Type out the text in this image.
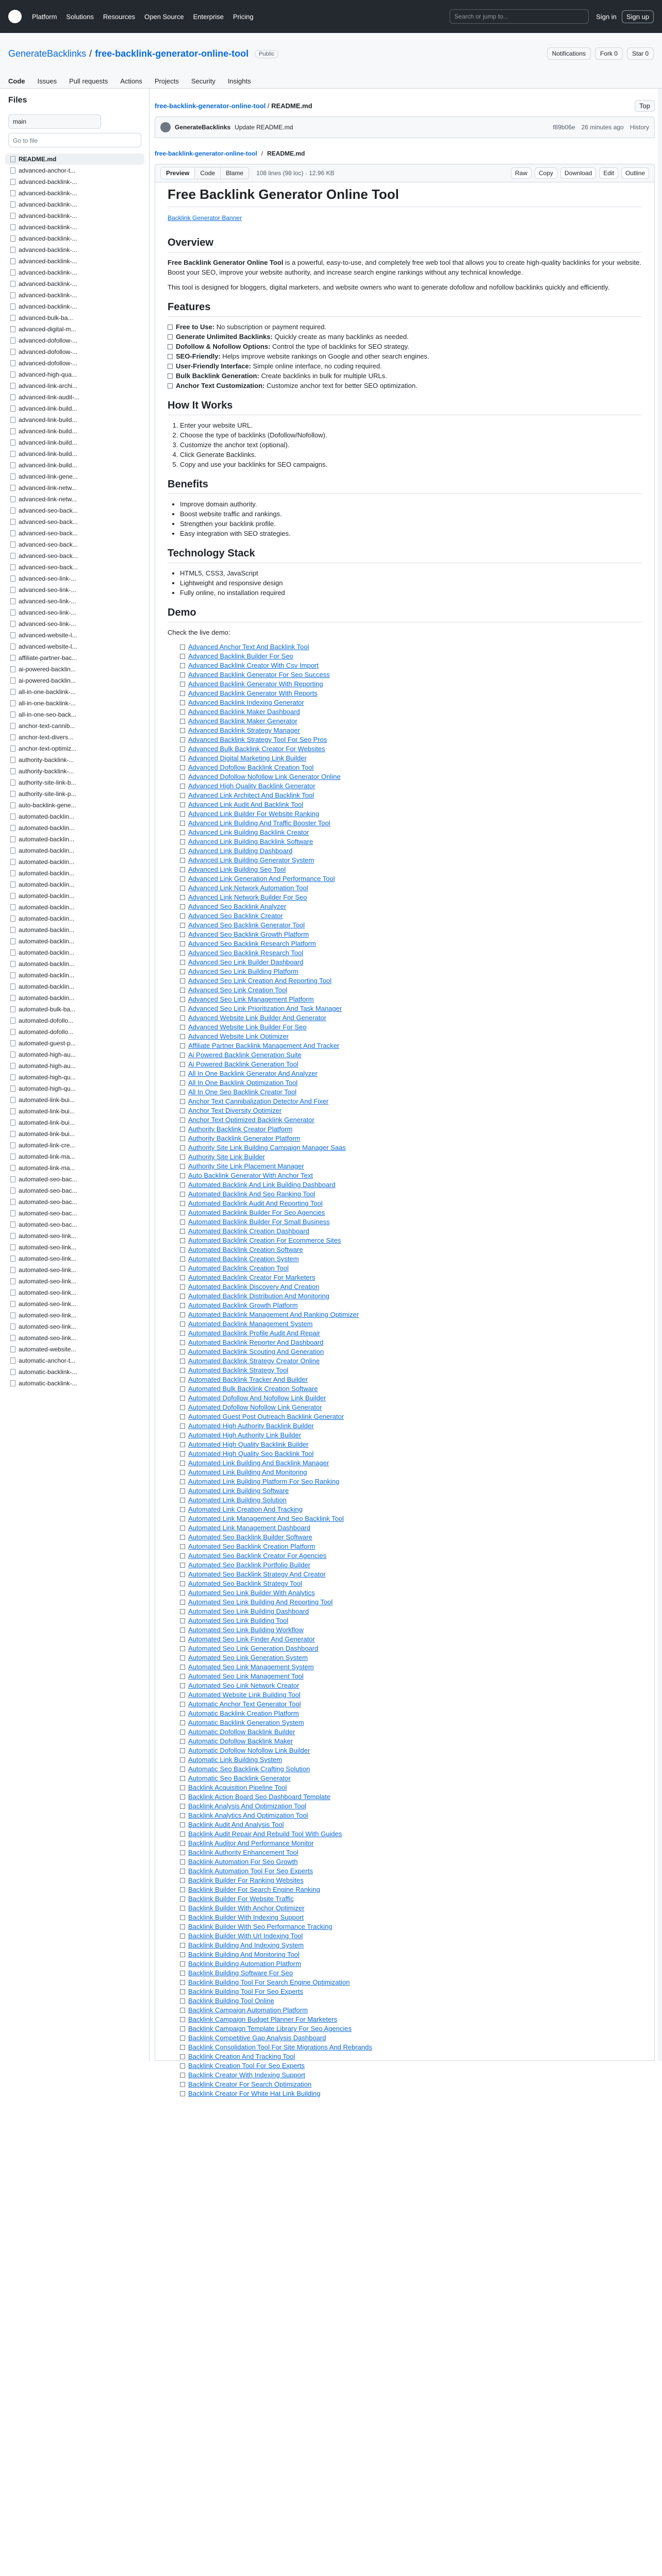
Platform Solutions Resources Open Source Enterprise Pricing	Search or jump to...	Sign in	Sign up
GenerateBacklinks / free-backlink-generator-online-tool	Public	Notifications	Fork 0	Star 0
Code Issues Pull requests Actions Projects Security Insights
Files
main
Go to file
README.md
advanced-anchor-t...
advanced-backlink-...
advanced-backlink-...
advanced-backlink-...
advanced-backlink-...
advanced-backlink-...
advanced-backlink-...
advanced-backlink-...
advanced-backlink-...
advanced-backlink-...
advanced-backlink-...
advanced-backlink-...
advanced-backlink-...
advanced-bulk-ba...
advanced-digital-m...
advanced-dofollow-...
advanced-dofollow-...
advanced-dofollow-...
advanced-high-qua...
advanced-link-archi...
advanced-link-audit-...
advanced-link-build...
advanced-link-build...
advanced-link-build...
advanced-link-build...
advanced-link-build...
advanced-link-build...
advanced-link-gene...
advanced-link-netw...
advanced-link-netw...
advanced-seo-back...
advanced-seo-back...
advanced-seo-back...
advanced-seo-back...
advanced-seo-back...
advanced-seo-back...
advanced-seo-link-...
advanced-seo-link-...
advanced-seo-link-...
advanced-seo-link-...
advanced-seo-link-...
advanced-website-l...
advanced-website-l...
affiliate-partner-bac...
ai-powered-backlin...
ai-powered-backlin...
all-in-one-backlink-...
all-in-one-backlink-...
all-in-one-seo-back...
anchor-text-cannib...
anchor-text-divers...
anchor-text-optimiz...
authority-backlink-...
authority-backlink-...
authority-site-link-b...
authority-site-link-p...
auto-backlink-gene...
automated-backlin...
automated-backlin...
automated-backlin...
automated-backlin...
automated-backlin...
automated-backlin...
automated-backlin...
automated-backlin...
automated-backlin...
automated-backlin...
automated-backlin...
automated-backlin...
automated-backlin...
automated-backlin...
automated-backlin...
automated-backlin...
automated-backlin...
automated-bulk-ba...
automated-dofollo...
automated-dofollo...
automated-guest-p...
automated-high-au...
automated-high-au...
automated-high-qu...
automated-high-qu...
automated-link-bui...
automated-link-bui...
automated-link-bui...
automated-link-bui...
automated-link-cre...
automated-link-ma...
automated-link-ma...
automated-seo-bac...
automated-seo-bac...
automated-seo-bac...
automated-seo-bac...
automated-seo-bac...
automated-seo-link...
automated-seo-link...
automated-seo-link...
automated-seo-link...
automated-seo-link...
automated-seo-link...
automated-seo-link...
automated-seo-link...
automated-seo-link...
automated-seo-link...
automated-website...
automatic-anchor-t...
automatic-backlink-...
automatic-backlink-...
free-backlink-generator-online-tool / README.md	Top
GenerateBacklinks Update README.md	f89b06e 26 minutes ago History
free-backlink-generator-online-tool / README.md
Preview	Code	Blame	108 lines (98 loc) · 12.96 KB	Raw	Copy	Download	Edit	Outline
Free Backlink Generator Online Tool
Backlink Generator Banner
Overview

Free Backlink Generator Online Tool is a powerful, easy-to-use, and completely free web tool that allows you to create high-quality backlinks for your website. Boost your SEO, improve your website authority, and increase search engine rankings without any technical knowledge.

This tool is designed for bloggers, digital marketers, and website owners who want to generate dofollow and nofollow backlinks quickly and efficiently.

Features
Free to Use: No subscription or payment required.
Generate Unlimited Backlinks: Quickly create as many backlinks as needed.
Dofollow & Nofollow Options: Control the type of backlinks for SEO strategy.
SEO-Friendly: Helps improve website rankings on Google and other search engines.
User-Friendly Interface: Simple online interface, no coding required.
Bulk Backlink Generation: Create backlinks in bulk for multiple URLs.
Anchor Text Customization: Customize anchor text for better SEO optimization.
How It Works
1. Enter your website URL.
2. Choose the type of backlinks (Dofollow/Nofollow).
3. Customize the anchor text (optional).
4. Click Generate Backlinks.
5. Copy and use your backlinks for SEO campaigns.
Benefits
• Improve domain authority.
• Boost website traffic and rankings.
• Strengthen your backlink profile.
• Easy integration with SEO strategies.
Technology Stack
• HTML5, CSS3, JavaScript
• Lightweight and responsive design
• Fully online, no installation required
Demo

Check the live demo:

Advanced Anchor Text And Backlink Tool
Advanced Backlink Builder For Seo
Advanced Backlink Creator With Csv Import
Advanced Backlink Generator For Seo Success
Advanced Backlink Generator With Reporting
Advanced Backlink Generator With Reports
Advanced Backlink Indexing Generator
Advanced Backlink Maker Dashboard
Advanced Backlink Maker Generator
Advanced Backlink Strategy Manager
Advanced Backlink Strategy Tool For Seo Pros
Advanced Bulk Backlink Creator For Websites
Advanced Digital Marketing Link Builder
Advanced Dofollow Backlink Creation Tool
Advanced Dofollow Nofollow Link Generator Online
Advanced High Quality Backlink Generator
Advanced Link Architect And Backlink Tool
Advanced Link Audit And Backlink Tool
Advanced Link Builder For Website Ranking
Advanced Link Building And Traffic Booster Tool
Advanced Link Building Backlink Creator
Advanced Link Building Backlink Software
Advanced Link Building Dashboard
Advanced Link Building Generator System
Advanced Link Building Seo Tool
Advanced Link Generation And Performance Tool
Advanced Link Network Automation Tool
Advanced Link Network Builder For Seo
Advanced Seo Backlink Analyzer
Advanced Seo Backlink Creator
Advanced Seo Backlink Generator Tool
Advanced Seo Backlink Growth Platform
Advanced Seo Backlink Research Platform
Advanced Seo Backlink Research Tool
Advanced Seo Link Builder Dashboard
Advanced Seo Link Building Platform
Advanced Seo Link Creation And Reporting Tool
Advanced Seo Link Creation Tool
Advanced Seo Link Management Platform
Advanced Seo Link Prioritization And Task Manager
Advanced Website Link Builder And Generator
Advanced Website Link Builder For Seo
Advanced Website Link Optimizer
Affiliate Partner Backlink Management And Tracker
Ai Powered Backlink Generation Suite
Ai Powered Backlink Generation Tool
All In One Backlink Generator And Analyzer
All In One Backlink Optimization Tool
All In One Seo Backlink Creator Tool
Anchor Text Cannibalization Detector And Fixer
Anchor Text Diversity Optimizer
Anchor Text Optimized Backlink Generator
Authority Backlink Creator Platform
Authority Backlink Generator Platform
Authority Site Link Building Campaign Manager Saas
Authority Site Link Builder
Authority Site Link Placement Manager
Auto Backlink Generator With Anchor Text
Automated Backlink And Link Building Dashboard
Automated Backlink And Seo Ranking Tool
Automated Backlink Audit And Reporting Tool
Automated Backlink Builder For Seo Agencies
Automated Backlink Builder For Small Business
Automated Backlink Creation Dashboard
Automated Backlink Creation For Ecommerce Sites
Automated Backlink Creation Software
Automated Backlink Creation System
Automated Backlink Creation Tool
Automated Backlink Creator For Marketers
Automated Backlink Discovery And Creation
Automated Backlink Distribution And Monitoring
Automated Backlink Growth Platform
Automated Backlink Management And Ranking Optimizer
Automated Backlink Management System
Automated Backlink Profile Audit And Repair
Automated Backlink Reporter And Dashboard
Automated Backlink Scouting And Generation
Automated Backlink Strategy Creator Online
Automated Backlink Strategy Tool
Automated Backlink Tracker And Builder
Automated Bulk Backlink Creation Software
Automated Dofollow And Nofollow Link Builder
Automated Dofollow Nofollow Link Generator
Automated Guest Post Outreach Backlink Generator
Automated High Authority Backlink Builder
Automated High Authority Link Builder
Automated High Quality Backlink Builder
Automated High Quality Seo Backlink Tool
Automated Link Building And Backlink Manager
Automated Link Building And Monitoring
Automated Link Building Platform For Seo Ranking
Automated Link Building Software
Automated Link Building Solution
Automated Link Creation And Tracking
Automated Link Management And Seo Backlink Tool
Automated Link Management Dashboard
Automated Seo Backlink Builder Software
Automated Seo Backlink Creation Platform
Automated Seo Backlink Creator For Agencies
Automated Seo Backlink Portfolio Builder
Automated Seo Backlink Strategy And Creator
Automated Seo Backlink Strategy Tool
Automated Seo Link Builder With Analytics
Automated Seo Link Building And Reporting Tool
Automated Seo Link Building Dashboard
Automated Seo Link Building Tool
Automated Seo Link Building Workflow
Automated Seo Link Finder And Generator
Automated Seo Link Generation Dashboard
Automated Seo Link Generation System
Automated Seo Link Management System
Automated Seo Link Management Tool
Automated Seo Link Network Creator
Automated Website Link Building Tool
Automatic Anchor Text Generator Tool
Automatic Backlink Creation Platform
Automatic Backlink Generation System
Automatic Dofollow Backlink Builder
Automatic Dofollow Backlink Maker
Automatic Dofollow Nofollow Link Builder
Automatic Link Building System
Automatic Seo Backlink Crafting Solution
Automatic Seo Backlink Generator
Backlink Acquisition Pipeline Tool
Backlink Action Board Seo Dashboard Template
Backlink Analysis And Optimization Tool
Backlink Analytics And Optimization Tool
Backlink Audit And Analysis Tool
Backlink Audit Repair And Rebuild Tool With Guides
Backlink Auditor And Performance Monitor
Backlink Authority Enhancement Tool
Backlink Automation For Seo Growth
Backlink Automation Tool For Seo Experts
Backlink Builder For Ranking Websites
Backlink Builder For Search Engine Ranking
Backlink Builder For Website Traffic
Backlink Builder With Anchor Optimizer
Backlink Builder With Indexing Support
Backlink Builder With Seo Performance Tracking
Backlink Builder With Url Indexing Tool
Backlink Building And Indexing System
Backlink Building And Monitoring Tool
Backlink Building Automation Platform
Backlink Building Software For Seo
Backlink Building Tool For Search Engine Optimization
Backlink Building Tool For Seo Experts
Backlink Building Tool Online
Backlink Campaign Automation Platform
Backlink Campaign Budget Planner For Marketers
Backlink Campaign Template Library For Seo Agencies
Backlink Competitive Gap Analysis Dashboard
Backlink Consolidation Tool For Site Migrations And Rebrands
Backlink Creation And Tracking Tool
Backlink Creation Tool For Seo Experts
Backlink Creator With Indexing Support
Backlink Creator For Search Optimization
Backlink Creator For White Hat Link Building
